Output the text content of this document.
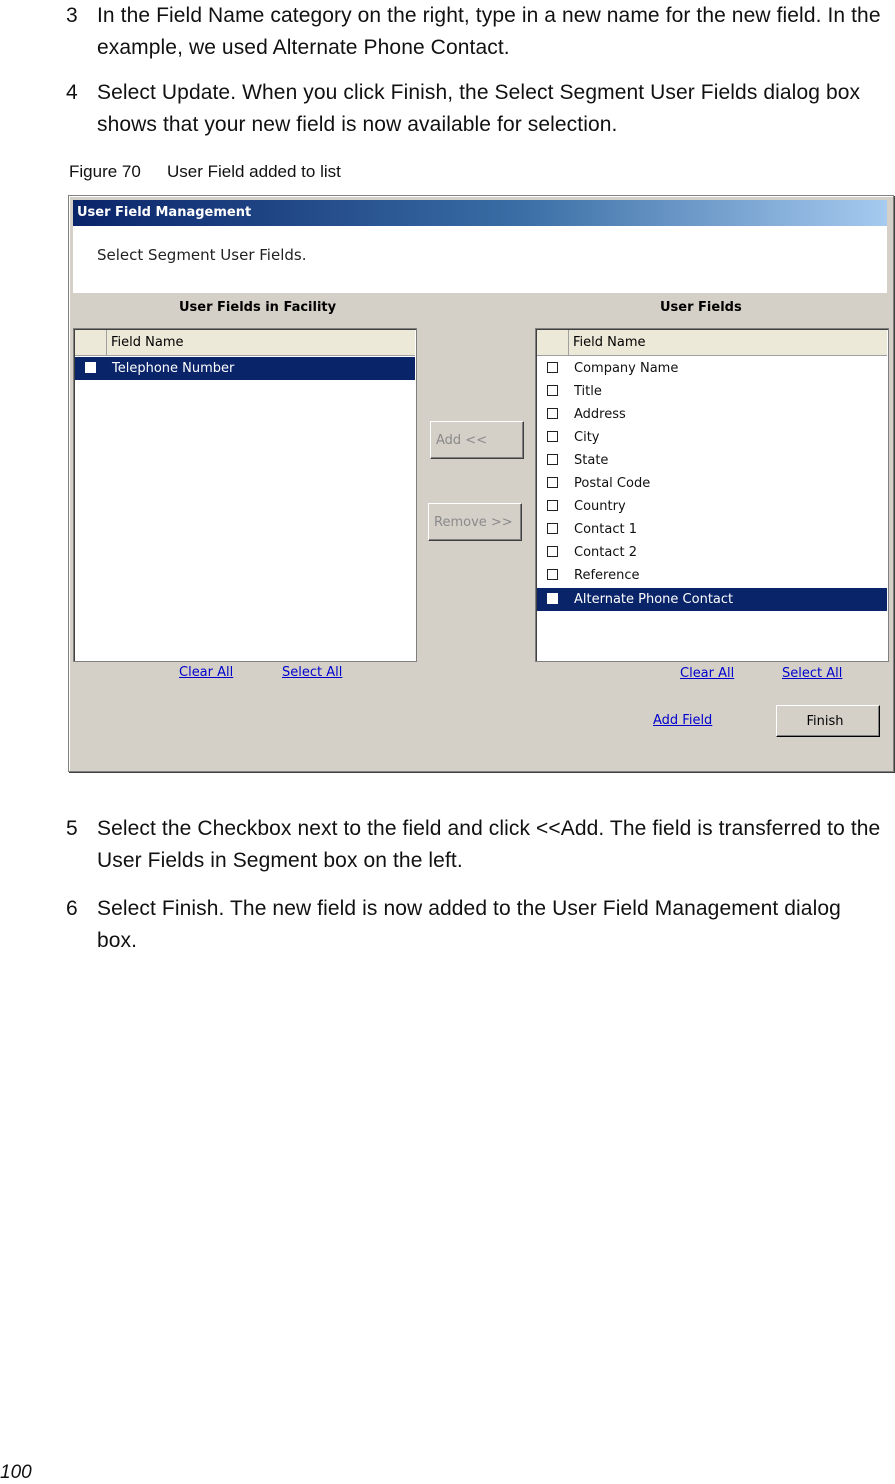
3 In the Field Name category on the right, type in a new name for the new field. In the example, we used Alternate Phone Contact.
4 Select Update. When you click Finish, the Select Segment User Fields dialog box shows that your new field is now available for selection.
Figure 70 User Field added to list
User Field Management
Select Segment User Fields.
User Fields in Facility	User Fields
Field Name
Telephone Number
Add <<
Remove >>
Field Name
Company Name
Title
Address
City
State
Postal Code
Country
Contact 1
Contact 2
Reference
Alternate Phone Contact
Clear All	Select All	Clear All	Select All
Add Field	Finish
5 Select the Checkbox next to the field and click <<Add. The field is transferred to the User Fields in Segment box on the left.
6 Select Finish. The new field is now added to the User Field Management dialog box.
100
